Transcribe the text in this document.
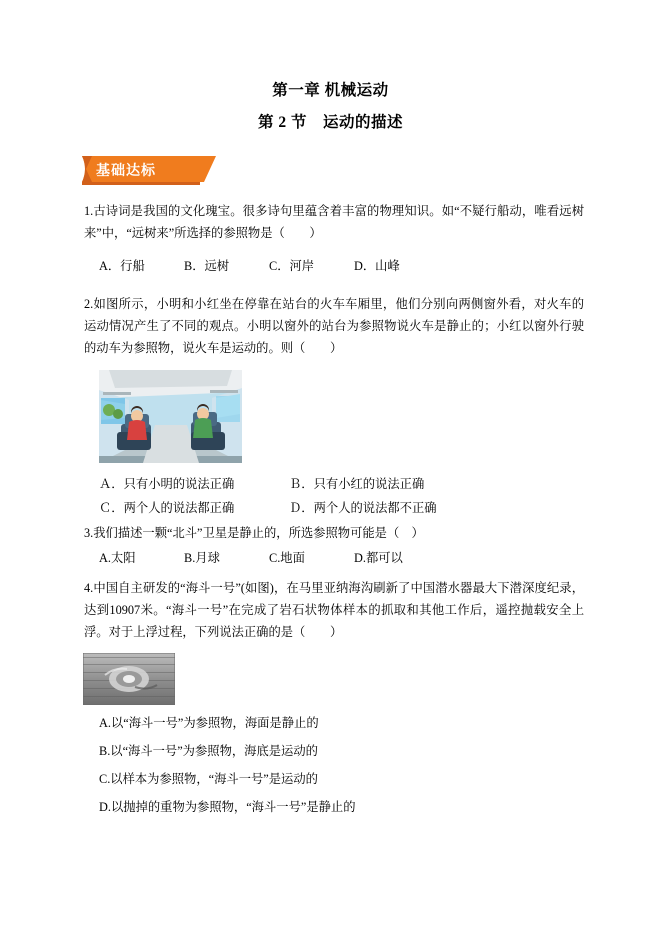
第一章 机械运动
第 2 节　运动的描述
基础达标
1.古诗词是我国的文化瑰宝。很多诗句里蕴含着丰富的物理知识。如“不疑行船动，唯看远树来”中，“远树来”所选择的参照物是（　　）
A．行船	B．远树	C．河岸	D．山峰
2.如图所示，小明和小红坐在停靠在站台的火车车厢里，他们分别向两侧窗外看，对火车的运动情况产生了不同的观点。小明以窗外的站台为参照物说火车是静止的；小红以窗外行驶的动车为参照物，说火车是运动的。则（　　）
Ａ．只有小明的说法正确	Ｂ．只有小红的说法正确
Ｃ．两个人的说法都正确	Ｄ．两个人的说法都不正确
3.我们描述一颗“北斗”卫星是静止的，所选参照物可能是（　）
A.太阳	B.月球	C.地面	D.都可以
4.中国自主研发的“海斗一号”(如图)，在马里亚纳海沟刷新了中国潜水器最大下潜深度纪录，达到10907米。“海斗一号”在完成了岩石状物体样本的抓取和其他工作后，遥控抛载安全上浮。对于上浮过程，下列说法正确的是（　　）
A.以“海斗一号”为参照物，海面是静止的
B.以“海斗一号”为参照物，海底是运动的
C.以样本为参照物，“海斗一号”是运动的
D.以抛掉的重物为参照物，“海斗一号”是静止的
